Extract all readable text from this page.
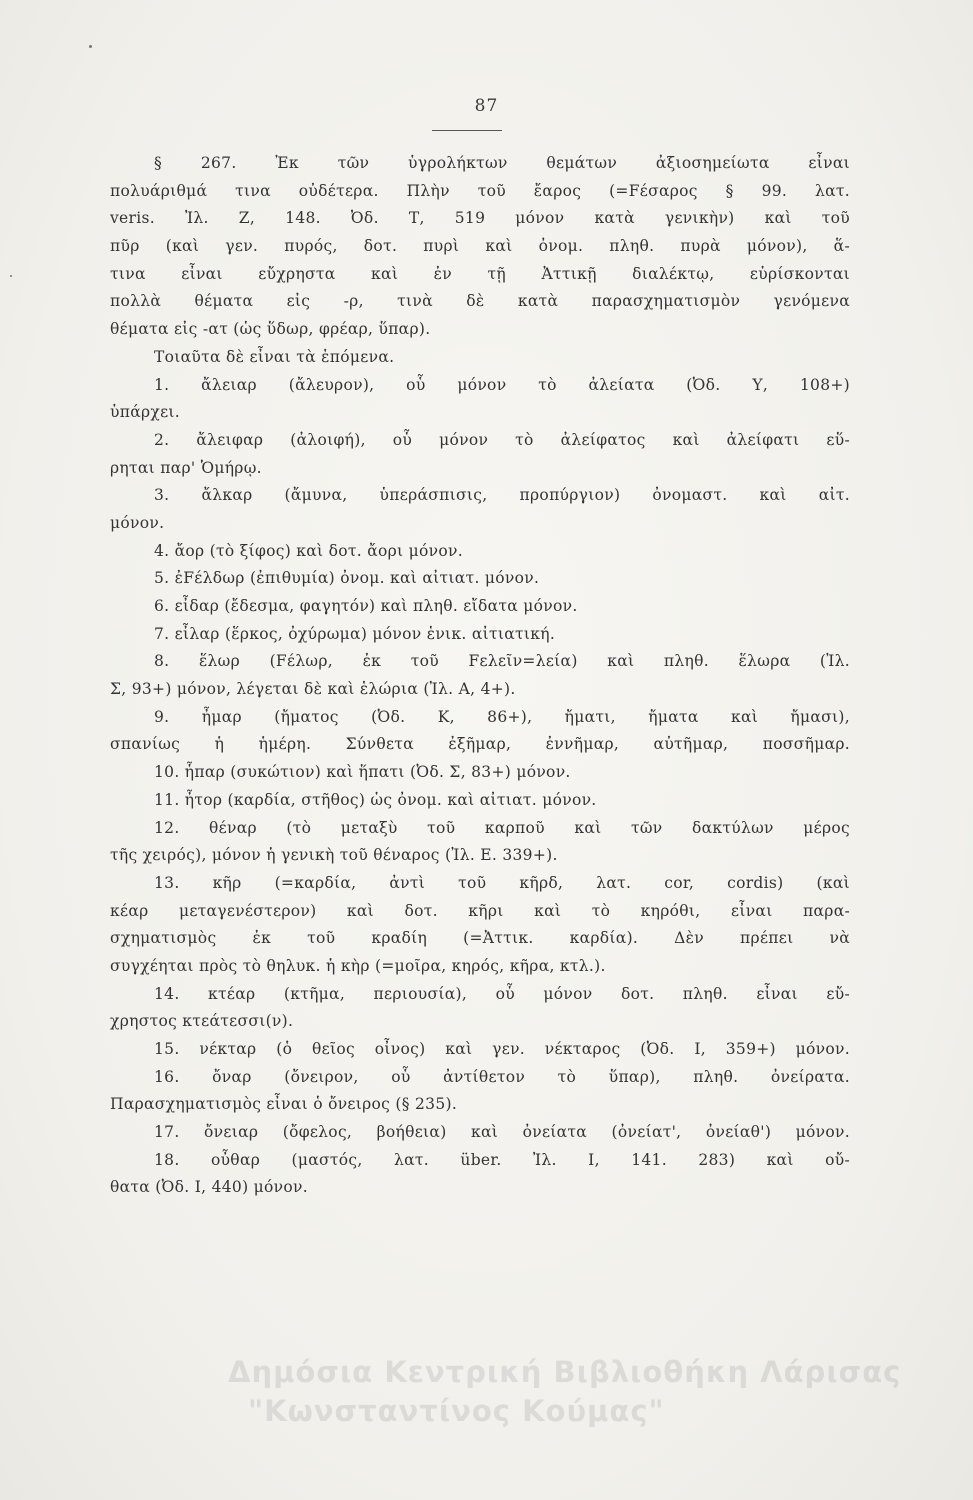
87
§ 267. Ἐκ τῶν ὑγρολήκτων θεμάτων ἀξιοσημείωτα εἶναι
πολυάριθμά τινα οὐδέτερα. Πλὴν τοῦ ἔαρος (=Fέσαρος § 99. λατ.
veris. Ἰλ. Ζ, 148. Ὀδ. Τ, 519 μόνον κατὰ γενικὴν) καὶ τοῦ
πῦρ (καὶ γεν. πυρός, δοτ. πυρὶ καὶ ὀνομ. πληθ. πυρὰ μόνον), ἅ-
τινα εἶναι εὔχρηστα καὶ ἐν τῇ Ἀττικῇ διαλέκτῳ, εὑρίσκονται
πολλὰ θέματα εἰς -ρ, τινὰ δὲ κατὰ παρασχηματισμὸν γενόμενα
θέματα εἰς -ατ (ὡς ὕδωρ, φρέαρ, ὕπαρ).
Τοιαῦτα δὲ εἶναι τὰ ἑπόμενα.
1. ἄλειαρ (ἄλευρον), οὗ μόνον τὸ ἀλείατα (Ὀδ. Υ, 108+)
ὑπάρχει.
2. ἄλειφαρ (ἀλοιφή), οὗ μόνον τὸ ἀλείφατος καὶ ἀλείφατι εὕ-
ρηται παρ' Ὁμήρῳ.
3. ἄλκαρ (ἄμυνα, ὑπεράσπισις, προπύργιον) ὀνομαστ. καὶ αἰτ.
μόνον.
4. ἄορ (τὸ ξίφος) καὶ δοτ. ἄορι μόνον.
5. ἐFέλδωρ (ἐπιθυμία) ὀνομ. καὶ αἰτιατ. μόνον.
6. εἶδαρ (ἔδεσμα, φαγητόν) καὶ πληθ. εἴδατα μόνον.
7. εἶλαρ (ἕρκος, ὀχύρωμα) μόνον ἑνικ. αἰτιατική.
8. ἕλωρ (Fέλωρ, ἐκ τοῦ Fελεῖν=λεία) καὶ πληθ. ἕλωρα (Ἰλ.
Σ, 93+) μόνον, λέγεται δὲ καὶ ἑλώρια (Ἰλ. Α, 4+).
9. ἦμαρ (ἤματος (Ὀδ. Κ, 86+), ἤματι, ἤματα καὶ ἤμασι),
σπανίως ἡ ἡμέρη. Σύνθετα ἐξῆμαρ, ἐννῆμαρ, αὐτῆμαρ, ποσσῆμαρ.
10. ἧπαρ (συκώτιον) καὶ ἥπατι (Ὀδ. Σ, 83+) μόνον.
11. ἦτορ (καρδία, στῆθος) ὡς ὀνομ. καὶ αἰτιατ. μόνον.
12. θέναρ (τὸ μεταξὺ τοῦ καρποῦ καὶ τῶν δακτύλων μέρος
τῆς χειρός), μόνον ἡ γενικὴ τοῦ θέναρος (Ἰλ. Ε. 339+).
13. κῆρ (=καρδία, ἀντὶ τοῦ κῆρδ, λατ. cor, cordis) (καὶ
κέαρ μεταγενέστερον) καὶ δοτ. κῆρι καὶ τὸ κηρόθι, εἶναι παρα-
σχηματισμὸς ἐκ τοῦ κραδίη (=Ἀττικ. καρδία). Δὲν πρέπει νὰ
συγχέηται πρὸς τὸ θηλυκ. ἡ κὴρ (=μοῖρα, κηρός, κῆρα, κτλ.).
14. κτέαρ (κτῆμα, περιουσία), οὗ μόνον δοτ. πληθ. εἶναι εὔ-
χρηστος κτεάτεσσι(ν).
15. νέκταρ (ὁ θεῖος οἶνος) καὶ γεν. νέκταρος (Ὀδ. Ι, 359+) μόνον.
16. ὄναρ (ὄνειρον, οὗ ἀντίθετον τὸ ὕπαρ), πληθ. ὀνείρατα.
Παρασχηματισμὸς εἶναι ὁ ὄνειρος (§ 235).
17. ὄνειαρ (ὄφελος, βοήθεια) καὶ ὀνείατα (ὀνείατ', ὀνείαθ') μόνον.
18. οὖθαρ (μαστός, λατ. über. Ἰλ. Ι, 141. 283) καὶ οὔ-
θατα (Ὀδ. Ι, 440) μόνον.
Δημόσια Κεντρική Βιβλιοθήκη Λάρισας
"Κωνσταντίνος Κούμας"
